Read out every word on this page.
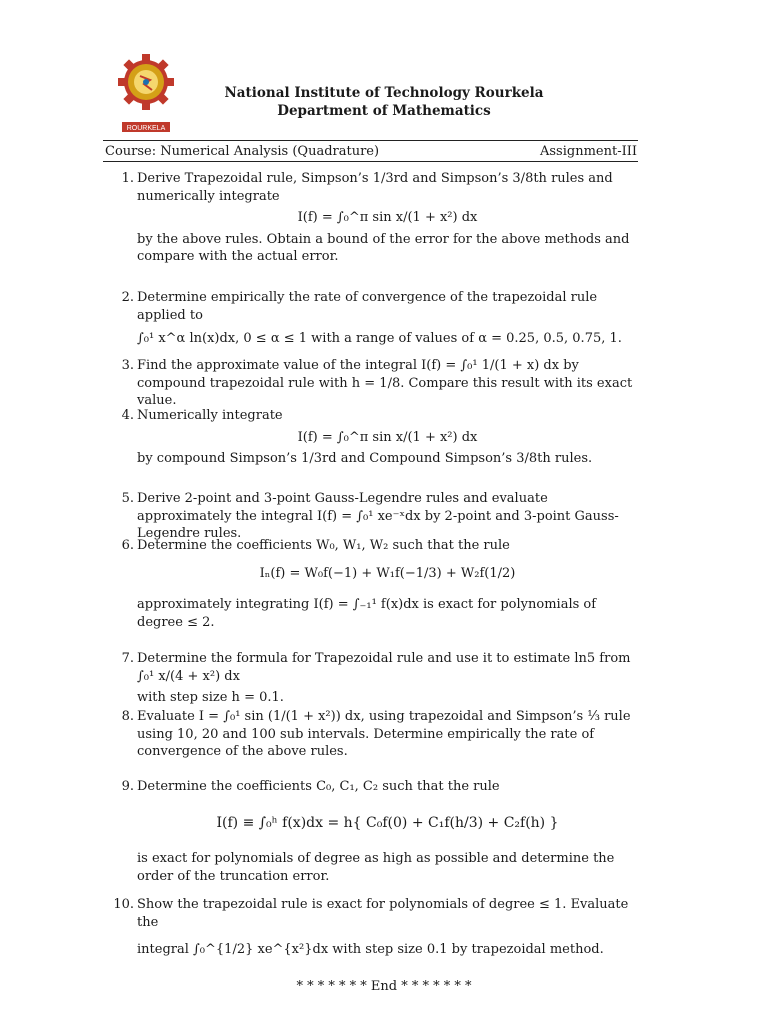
ROURKELA
National Institute of Technology Rourkela
Department of Mathematics
Course: Numerical Analysis (Quadrature)	Assignment-III
1. Derive Trapezoidal rule, Simpson’s 1/3rd and Simpson’s 3/8th rules and numerically integrate

I(f) = ∫₀^π sin x/(1 + x²) dx

by the above rules. Obtain a bound of the error for the above methods and compare with the actual error.

2. Determine empirically the rate of convergence of the trapezoidal rule applied to

∫₀¹ x^α ln(x)dx, 0 ≤ α ≤ 1 with a range of values of α = 0.25, 0.5, 0.75, 1.

3. Find the approximate value of the integral I(f) = ∫₀¹ 1/(1 + x) dx by compound trapezoidal rule with h = 1/8. Compare this result with its exact value.

4. Numerically integrate

I(f) = ∫₀^π sin x/(1 + x²) dx

by compound Simpson’s 1/3rd and Compound Simpson’s 3/8th rules.

5. Derive 2-point and 3-point Gauss-Legendre rules and evaluate approximately the integral I(f) = ∫₀¹ xe⁻ˣdx by 2-point and 3-point Gauss-Legendre rules.

6. Determine the coefficients W₀, W₁, W₂ such that the rule

Iₙ(f) = W₀f(−1) + W₁f(−1/3) + W₂f(1/2)

approximately integrating I(f) = ∫₋₁¹ f(x)dx is exact for polynomials of degree ≤ 2.

7. Determine the formula for Trapezoidal rule and use it to estimate ln5 from ∫₀¹ x/(4 + x²) dx

with step size h = 0.1.

8. Evaluate I = ∫₀¹ sin (1/(1 + x²)) dx, using trapezoidal and Simpson’s ⅓ rule using 10, 20 and 100 sub intervals. Determine empirically the rate of convergence of the above rules.

9. Determine the coefficients C₀, C₁, C₂ such that the rule

I(f) ≡ ∫₀ʰ f(x)dx = h{ C₀f(0) + C₁f(h/3) + C₂f(h) }

is exact for polynomials of degree as high as possible and determine the order of the truncation error.

10. Show the trapezoidal rule is exact for polynomials of degree ≤ 1. Evaluate the

integral ∫₀^{1/2} xe^{x²}dx with step size 0.1 by trapezoidal method.

* * * * * * * End * * * * * * *
